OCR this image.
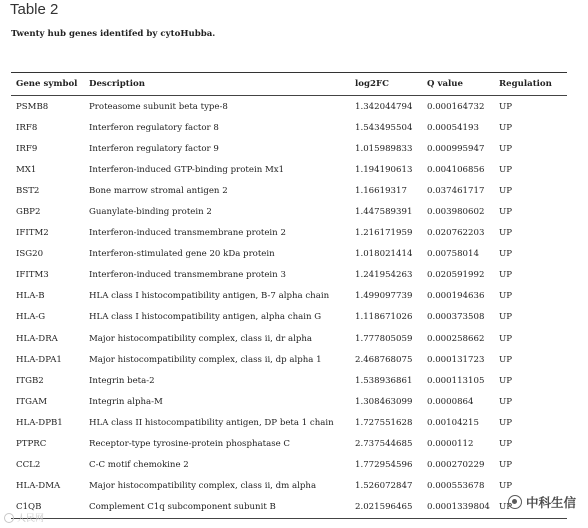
Table 2
Twenty hub genes identifed by cytoHubba.
Gene symbol	Description	log2FC	Q value	Regulation
PSMB8	Proteasome subunit beta type-8	1.342044794	0.000164732	UP
IRF8	Interferon regulatory factor 8	1.543495504	0.00054193	UP
IRF9	Interferon regulatory factor 9	1.015989833	0.000995947	UP
MX1	Interferon-induced GTP-binding protein Mx1	1.194190613	0.004106856	UP
BST2	Bone marrow stromal antigen 2	1.16619317	0.037461717	UP
GBP2	Guanylate-binding protein 2	1.447589391	0.003980602	UP
IFITM2	Interferon-induced transmembrane protein 2	1.216171959	0.020762203	UP
ISG20	Interferon-stimulated gene 20 kDa protein	1.018021414	0.00758014	UP
IFITM3	Interferon-induced transmembrane protein 3	1.241954263	0.020591992	UP
HLA-B	HLA class I histocompatibility antigen, B-7 alpha chain	1.499097739	0.000194636	UP
HLA-G	HLA class I histocompatibility antigen, alpha chain G	1.118671026	0.000373508	UP
HLA-DRA	Major histocompatibility complex, class ii, dr alpha	1.777805059	0.000258662	UP
HLA-DPA1	Major histocompatibility complex, class ii, dp alpha 1	2.468768075	0.000131723	UP
ITGB2	Integrin beta-2	1.538936861	0.000113105	UP
ITGAM	Integrin alpha-M	1.308463099	0.0000864	UP
HLA-DPB1	HLA class II histocompatibility antigen, DP beta 1 chain	1.727551628	0.00104215	UP
PTPRC	Receptor-type tyrosine-protein phosphatase C	2.737544685	0.0000112	UP
CCL2	C-C motif chemokine 2	1.772954596	0.000270229	UP
HLA-DMA	Major histocompatibility complex, class ii, dm alpha	1.526072847	0.000553678	UP
C1QB	Complement C1q subcomponent subunit B	2.021596465	0.0001339804	UP 中科生信
人民网
